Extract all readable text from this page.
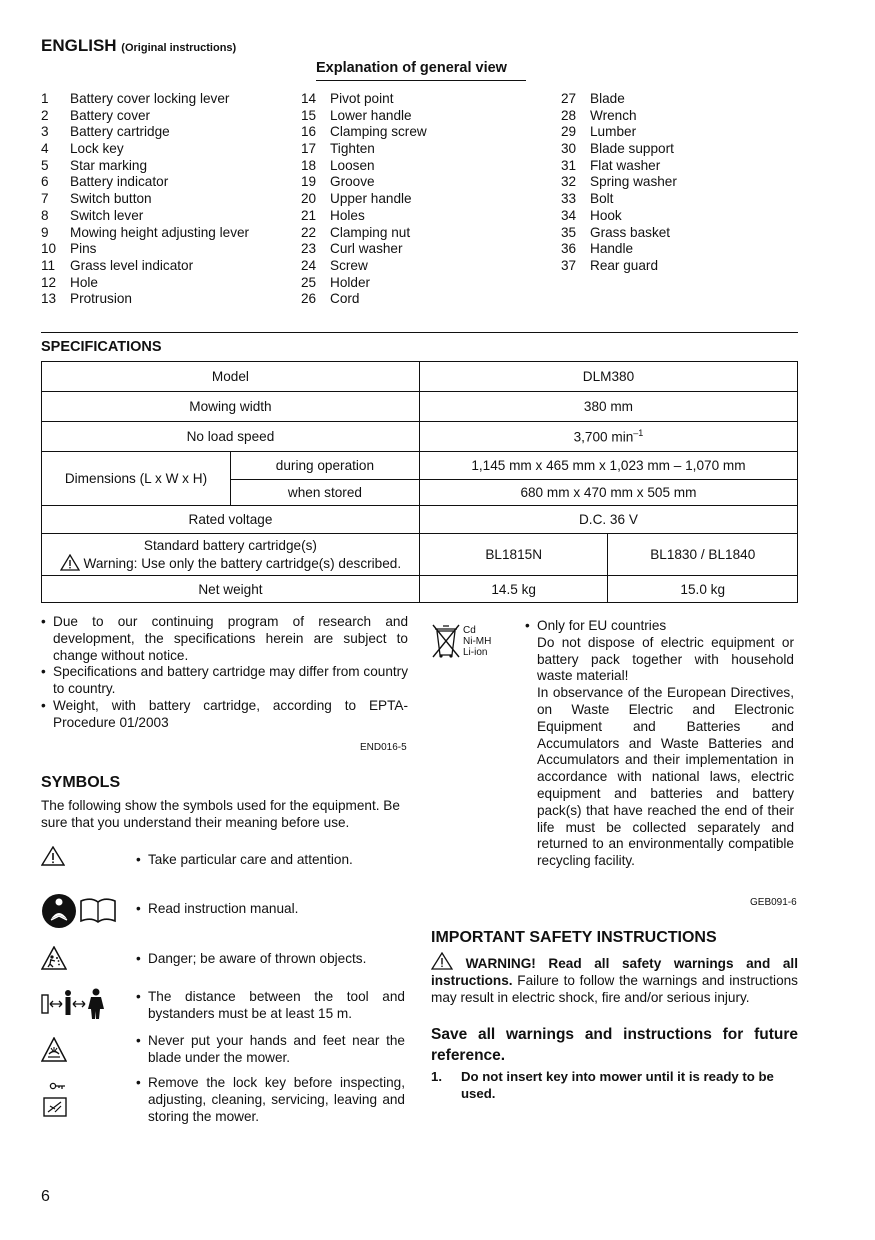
ENGLISH (Original instructions)
Explanation of general view
1 Battery cover locking lever
2 Battery cover
3 Battery cartridge
4 Lock key
5 Star marking
6 Battery indicator
7 Switch button
8 Switch lever
9 Mowing height adjusting lever
10 Pins
11 Grass level indicator
12 Hole
13 Protrusion
14 Pivot point
15 Lower handle
16 Clamping screw
17 Tighten
18 Loosen
19 Groove
20 Upper handle
21 Holes
22 Clamping nut
23 Curl washer
24 Screw
25 Holder
26 Cord
27 Blade
28 Wrench
29 Lumber
30 Blade support
31 Flat washer
32 Spring washer
33 Bolt
34 Hook
35 Grass basket
36 Handle
37 Rear guard
SPECIFICATIONS
Model		DLM380	
Mowing width		380 mm	
No load speed		3,700 $\min^{-1}$
Dimensions (L x W x H)	during operation	1,145 mm x 465 mm x 1,023 mm – 1,070 mm	
	when stored	680 mm x 470 mm x 505 mm	
Rated voltage		D.C. 36 V	

Standard battery cartridge(s)
Warning: Use only the battery cartridge(s) described.		BL1815N	BL1830 / BL1840
Net weight		14.5 kg	15.0 kg
• Due to our continuing program of research and development, the specifications herein are subject to change without notice.
• Specifications and battery cartridge may differ from country to country.
• Weight, with battery cartridge, according to EPTA-Procedure 01/2003
END016-5
SYMBOLS
The following show the symbols used for the equipment. Be sure that you understand their meaning before use.
• Take particular care and attention.
• Read instruction manual.
• Danger; be aware of thrown objects.
• The distance between the tool and bystanders must be at least 15 m.
• Never put your hands and feet near the blade under the mower.
• Remove the lock key before inspecting, adjusting, cleaning, servicing, leaving and storing the mower.
Cd
Ni-MH
Li-ion
• Only for EU countries
Do not dispose of electric equipment or battery pack together with household waste material!
In observance of the European Directives, on Waste Electric and Electronic Equipment and Batteries and Accumulators and Waste Batteries and Accumulators and their implementation in accordance with national laws, electric equipment and batteries and battery pack(s) that have reached the end of their life must be collected separately and returned to an environmentally compatible recycling facility.
GEB091-6
IMPORTANT SAFETY INSTRUCTIONS
WARNING! Read all safety warnings and all instructions. Failure to follow the warnings and instructions may result in electric shock, fire and/or serious injury.
Save all warnings and instructions for future reference.
1. Do not insert key into mower until it is ready to be used.
6
